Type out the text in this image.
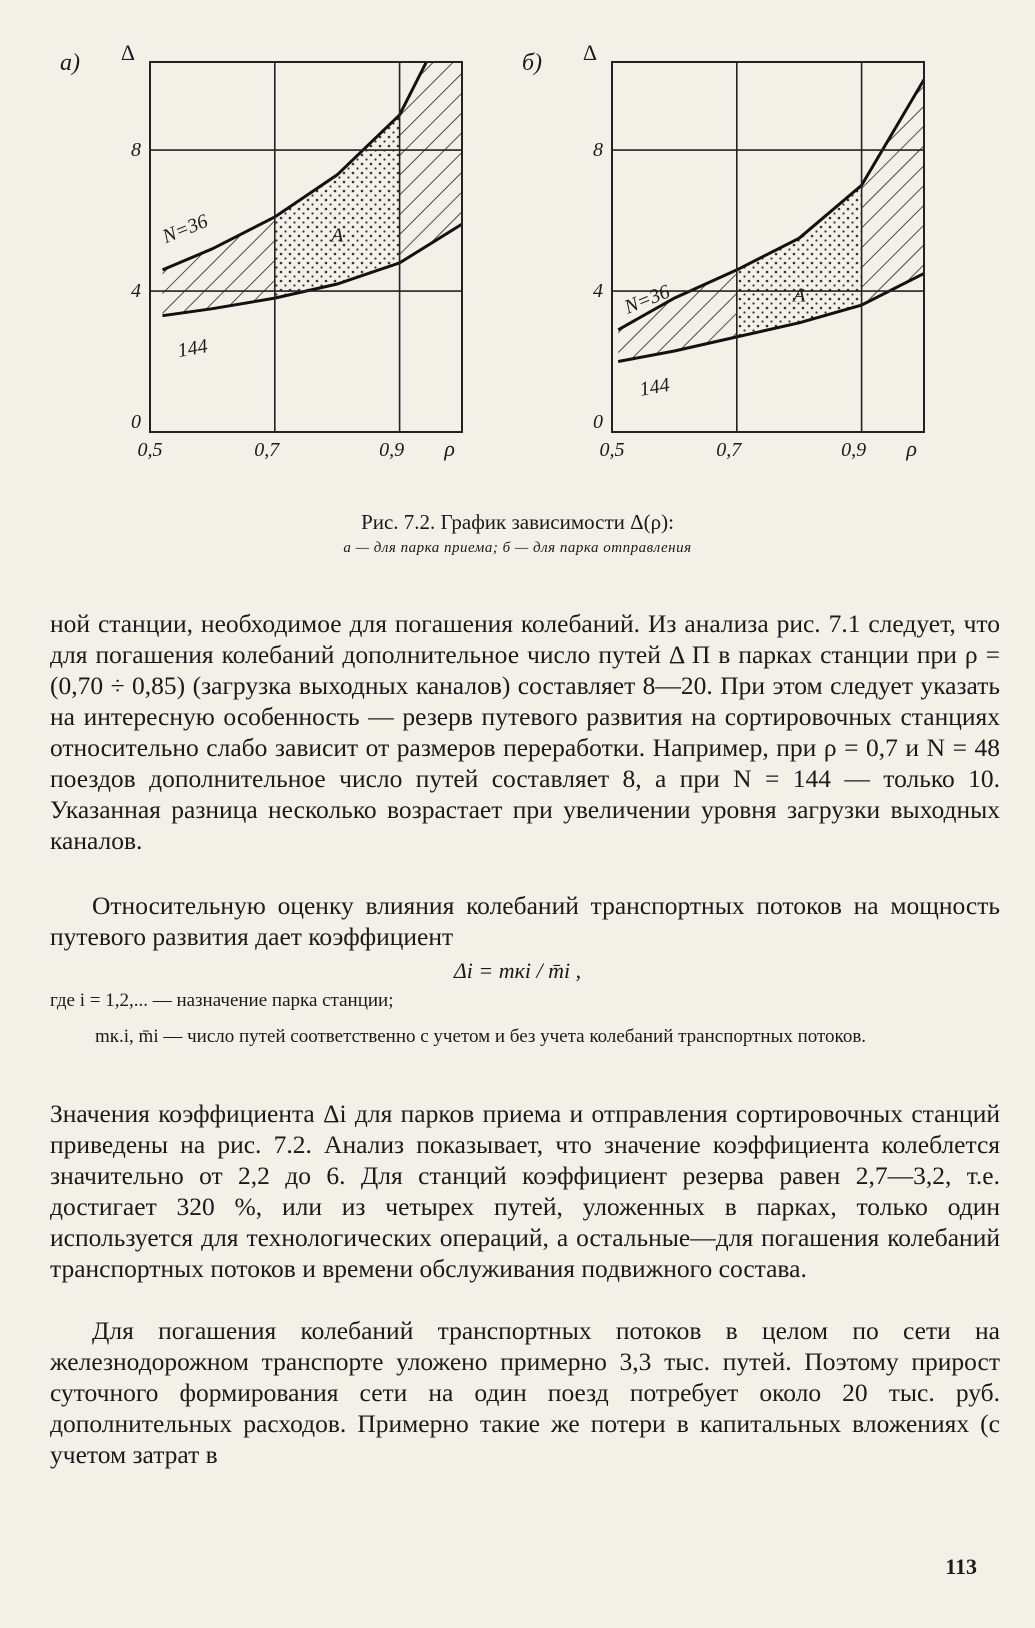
0,5	0,7	0,9
0
4
8
ρ
Δ
а)
N=36
144
A
0,5	0,7	0,9
0
4
8
ρ
Δ
б)
N=36
144
A
Рис. 7.2. График зависимости Δ(ρ):
а — для парка приема; б — для парка отправления
ной станции, необходимое для погашения колебаний. Из анализа рис. 7.1 следует, что для погашения колебаний дополнительное число путей Δ П в парках станции при ρ = (0,70 ÷ 0,85) (загрузка выходных каналов) составляет 8—20. При этом следует указать на интересную особенность — резерв путевого развития на сортировочных станциях относительно слабо зависит от размеров переработки. Например, при ρ = 0,7 и N = 48 поездов дополнительное число путей составляет 8, а при N = 144 — только 10. Указанная разница несколько возрастает при увеличении уровня загрузки выходных каналов.
Относительную оценку влияния колебаний транспортных потоков на мощность путевого развития дает коэффициент
Δi = mкi / m̄i ,
где i = 1,2,... — назначение парка станции;
mк.i, m̄i — число путей соответственно с учетом и без учета колебаний транспортных потоков.
Значения коэффициента Δi для парков приема и отправления сортировочных станций приведены на рис. 7.2. Анализ показывает, что значение коэффициента колеблется значительно от 2,2 до 6. Для станций коэффициент резерва равен 2,7—3,2, т.е. достигает 320 %, или из четырех путей, уложенных в парках, только один используется для технологических операций, а остальные—для погашения колебаний транспортных потоков и времени обслуживания подвижного состава.
Для погашения колебаний транспортных потоков в целом по сети на железнодорожном транспорте уложено примерно 3,3 тыс. путей. Поэтому прирост суточного формирования сети на один поезд потребует около 20 тыс. руб. дополнительных расходов. Примерно такие же потери в капитальных вложениях (с учетом затрат в
113
